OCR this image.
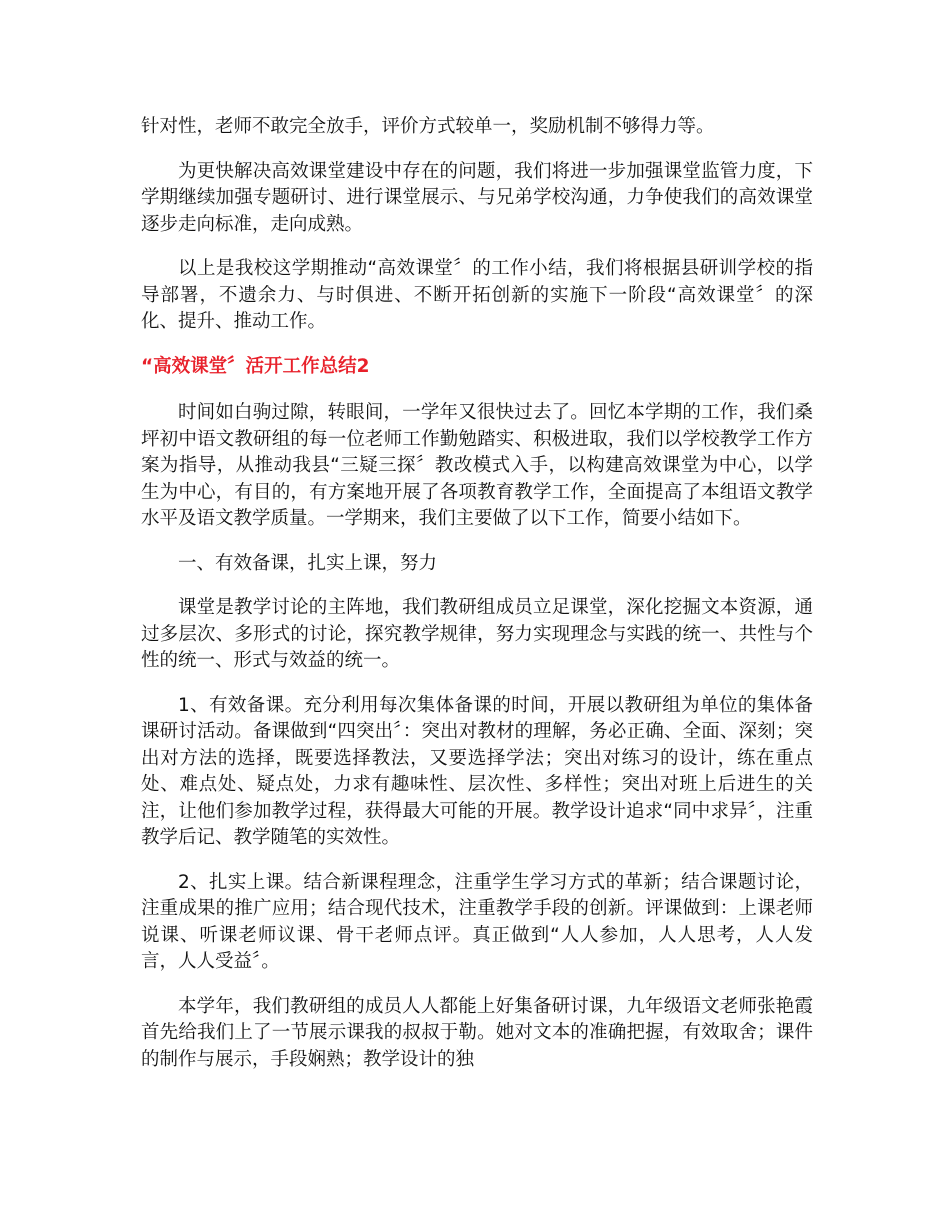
针对性，老师不敢完全放手，评价方式较单一，奖励机制不够得力等。

为更快解决高效课堂建设中存在的问题，我们将进一步加强课堂监管力度，下学期继续加强专题研讨、进行课堂展示、与兄弟学校沟通，力争使我们的高效课堂逐步走向标准，走向成熟。

以上是我校这学期推动“高效课堂〞的工作小结，我们将根据县研训学校的指导部署，不遗余力、与时俱进、不断开拓创新的实施下一阶段“高效课堂〞的深化、提升、推动工作。

“高效课堂〞活开工作总结2

时间如白驹过隙，转眼间，一学年又很快过去了。回忆本学期的工作，我们桑坪初中语文教研组的每一位老师工作勤勉踏实、积极进取，我们以学校教学工作方案为指导，从推动我县“三疑三探〞教改模式入手，以构建高效课堂为中心，以学生为中心，有目的，有方案地开展了各项教育教学工作，全面提高了本组语文教学水平及语文教学质量。一学期来，我们主要做了以下工作，简要小结如下。

一、有效备课，扎实上课，努力

课堂是教学讨论的主阵地，我们教研组成员立足课堂，深化挖掘文本资源，通过多层次、多形式的讨论，探究教学规律，努力实现理念与实践的统一、共性与个性的统一、形式与效益的统一。

1、有效备课。充分利用每次集体备课的时间，开展以教研组为单位的集体备课研讨活动。备课做到“四突出〞：突出对教材的理解，务必正确、全面、深刻；突出对方法的选择，既要选择教法，又要选择学法；突出对练习的设计，练在重点处、难点处、疑点处，力求有趣味性、层次性、多样性；突出对班上后进生的关注，让他们参加教学过程，获得最大可能的开展。教学设计追求“同中求异〞，注重教学后记、教学随笔的实效性。

2、扎实上课。结合新课程理念，注重学生学习方式的革新；结合课题讨论，注重成果的推广应用；结合现代技术，注重教学手段的创新。评课做到：上课老师说课、听课老师议课、骨干老师点评。真正做到“人人参加，人人思考，人人发言，人人受益〞。

本学年，我们教研组的成员人人都能上好集备研讨课，九年级语文老师张艳霞首先给我们上了一节展示课我的叔叔于勒。她对文本的准确把握，有效取舍；课件的制作与展示，手段娴熟；教学设计的独
